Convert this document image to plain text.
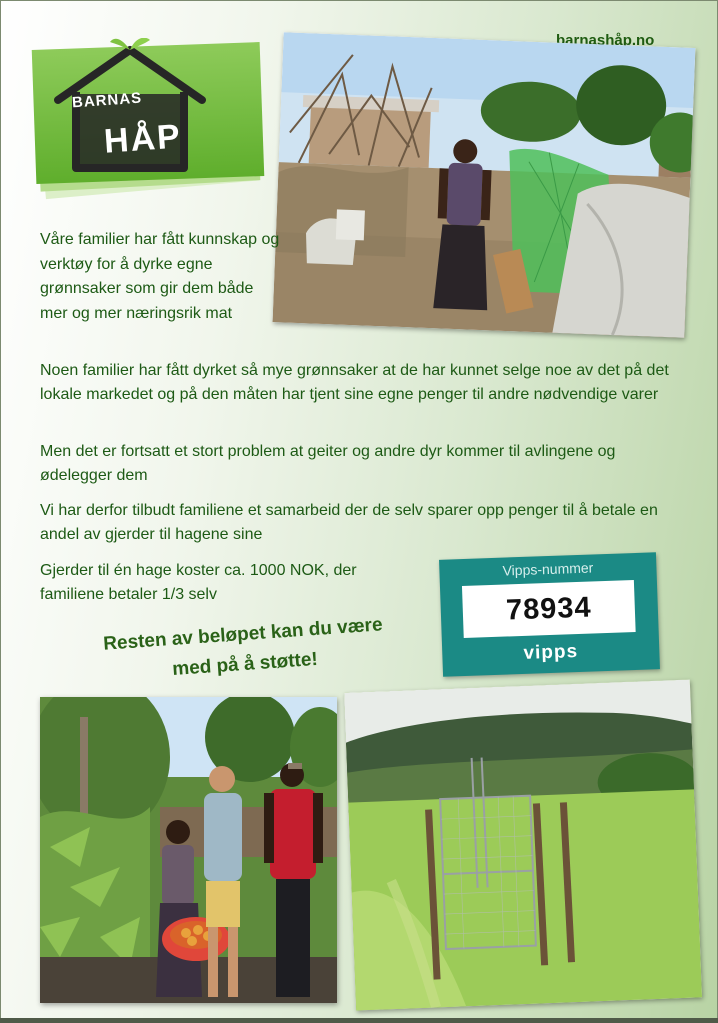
barnashåp.no
BARNAS
HÅP
Våre familier har fått kunnskap og verktøy for å dyrke egne grønnsaker som gir dem både mer og mer næringsrik mat

Noen familier har fått dyrket så mye grønnsaker at de har kunnet selge noe av det på det lokale markedet og på den måten har tjent sine egne penger til andre nødvendige varer

Men det er fortsatt et stort problem at geiter og andre dyr kommer til avlingene og ødelegger dem

Vi har derfor tilbudt familiene et samarbeid der de selv sparer opp penger til å betale en andel av gjerder til hagene sine

Gjerder til én hage koster ca. 1000 NOK, der familiene betaler 1/3 selv

Resten av beløpet kan du være med på å støtte!
Vipps-nummer
78934
vipps
